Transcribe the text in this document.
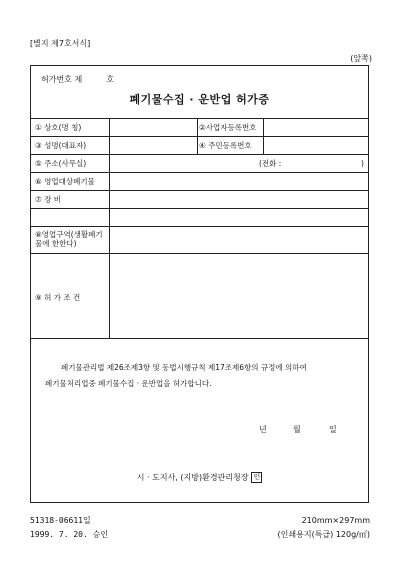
[별지 제7호서식]
(앞쪽)
허가번호 제	호
폐기물수집 · 운반업 허가증
① 상호(명 칭)	②사업자등록번호
③ 성명(대표자)	④ 주민등록번호
⑤ 주소(사무실)	(전화 :	)
⑥ 영업대상폐기물
⑦ 장 비
⑧영업구역(생활폐기물에 한한다)
⑨ 허 가 조 건
폐기물관리법 제26조제3항 및 동법시행규칙 제17조제6항의 규정에 의하여
폐기물처리업중 폐기물수집 · 운반업을 허가합니다.
년	월	일
시 · 도지사, (지방)환경관리청장 인
51318-06611일
1999. 7. 20. 승인
210mm×297mm
(인쇄용지(특급) 120g/㎡)
